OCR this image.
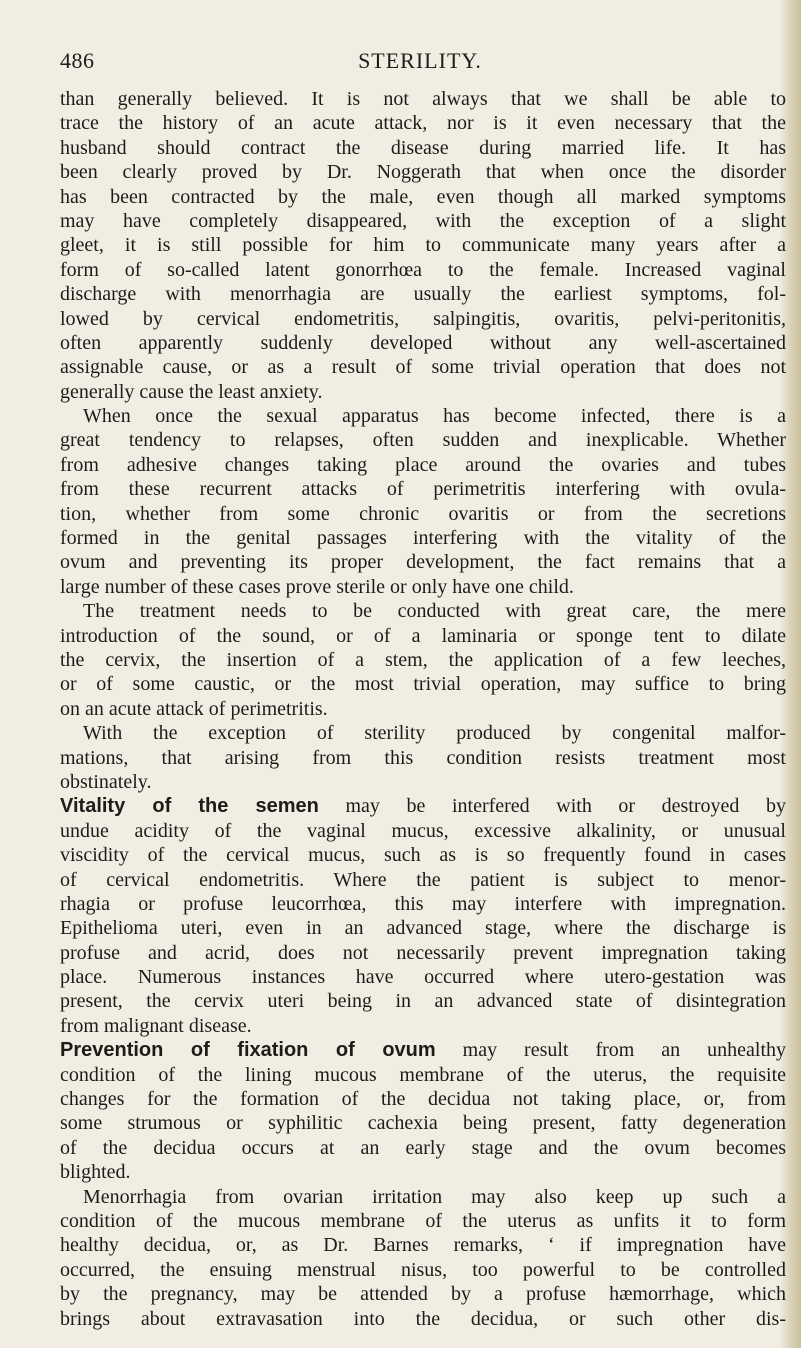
486	STERILITY.
than generally believed. It is not always that we shall be able to
trace the history of an acute attack, nor is it even necessary that the
husband should contract the disease during married life. It has
been clearly proved by Dr. Noggerath that when once the disorder
has been contracted by the male, even though all marked symptoms
may have completely disappeared, with the exception of a slight
gleet, it is still possible for him to communicate many years after a
form of so-called latent gonorrhœa to the female. Increased vaginal
discharge with menorrhagia are usually the earliest symptoms, fol-
lowed by cervical endometritis, salpingitis, ovaritis, pelvi-peritonitis,
often apparently suddenly developed without any well-ascertained
assignable cause, or as a result of some trivial operation that does not
generally cause the least anxiety.
When once the sexual apparatus has become infected, there is a
great tendency to relapses, often sudden and inexplicable. Whether
from adhesive changes taking place around the ovaries and tubes
from these recurrent attacks of perimetritis interfering with ovula-
tion, whether from some chronic ovaritis or from the secretions
formed in the genital passages interfering with the vitality of the
ovum and preventing its proper development, the fact remains that a
large number of these cases prove sterile or only have one child.
The treatment needs to be conducted with great care, the mere
introduction of the sound, or of a laminaria or sponge tent to dilate
the cervix, the insertion of a stem, the application of a few leeches,
or of some caustic, or the most trivial operation, may suffice to bring
on an acute attack of perimetritis.
With the exception of sterility produced by congenital malfor-
mations, that arising from this condition resists treatment most
obstinately.
Vitality of the semen may be interfered with or destroyed by
undue acidity of the vaginal mucus, excessive alkalinity, or unusual
viscidity of the cervical mucus, such as is so frequently found in cases
of cervical endometritis. Where the patient is subject to menor-
rhagia or profuse leucorrhœa, this may interfere with impregnation.
Epithelioma uteri, even in an advanced stage, where the discharge is
profuse and acrid, does not necessarily prevent impregnation taking
place. Numerous instances have occurred where utero-gestation was
present, the cervix uteri being in an advanced state of disintegration
from malignant disease.
Prevention of fixation of ovum may result from an unhealthy
condition of the lining mucous membrane of the uterus, the requisite
changes for the formation of the decidua not taking place, or, from
some strumous or syphilitic cachexia being present, fatty degeneration
of the decidua occurs at an early stage and the ovum becomes
blighted.
Menorrhagia from ovarian irritation may also keep up such a
condition of the mucous membrane of the uterus as unfits it to form
healthy decidua, or, as Dr. Barnes remarks, ‘ if impregnation have
occurred, the ensuing menstrual nisus, too powerful to be controlled
by the pregnancy, may be attended by a profuse hæmorrhage, which
brings about extravasation into the decidua, or such other dis-
